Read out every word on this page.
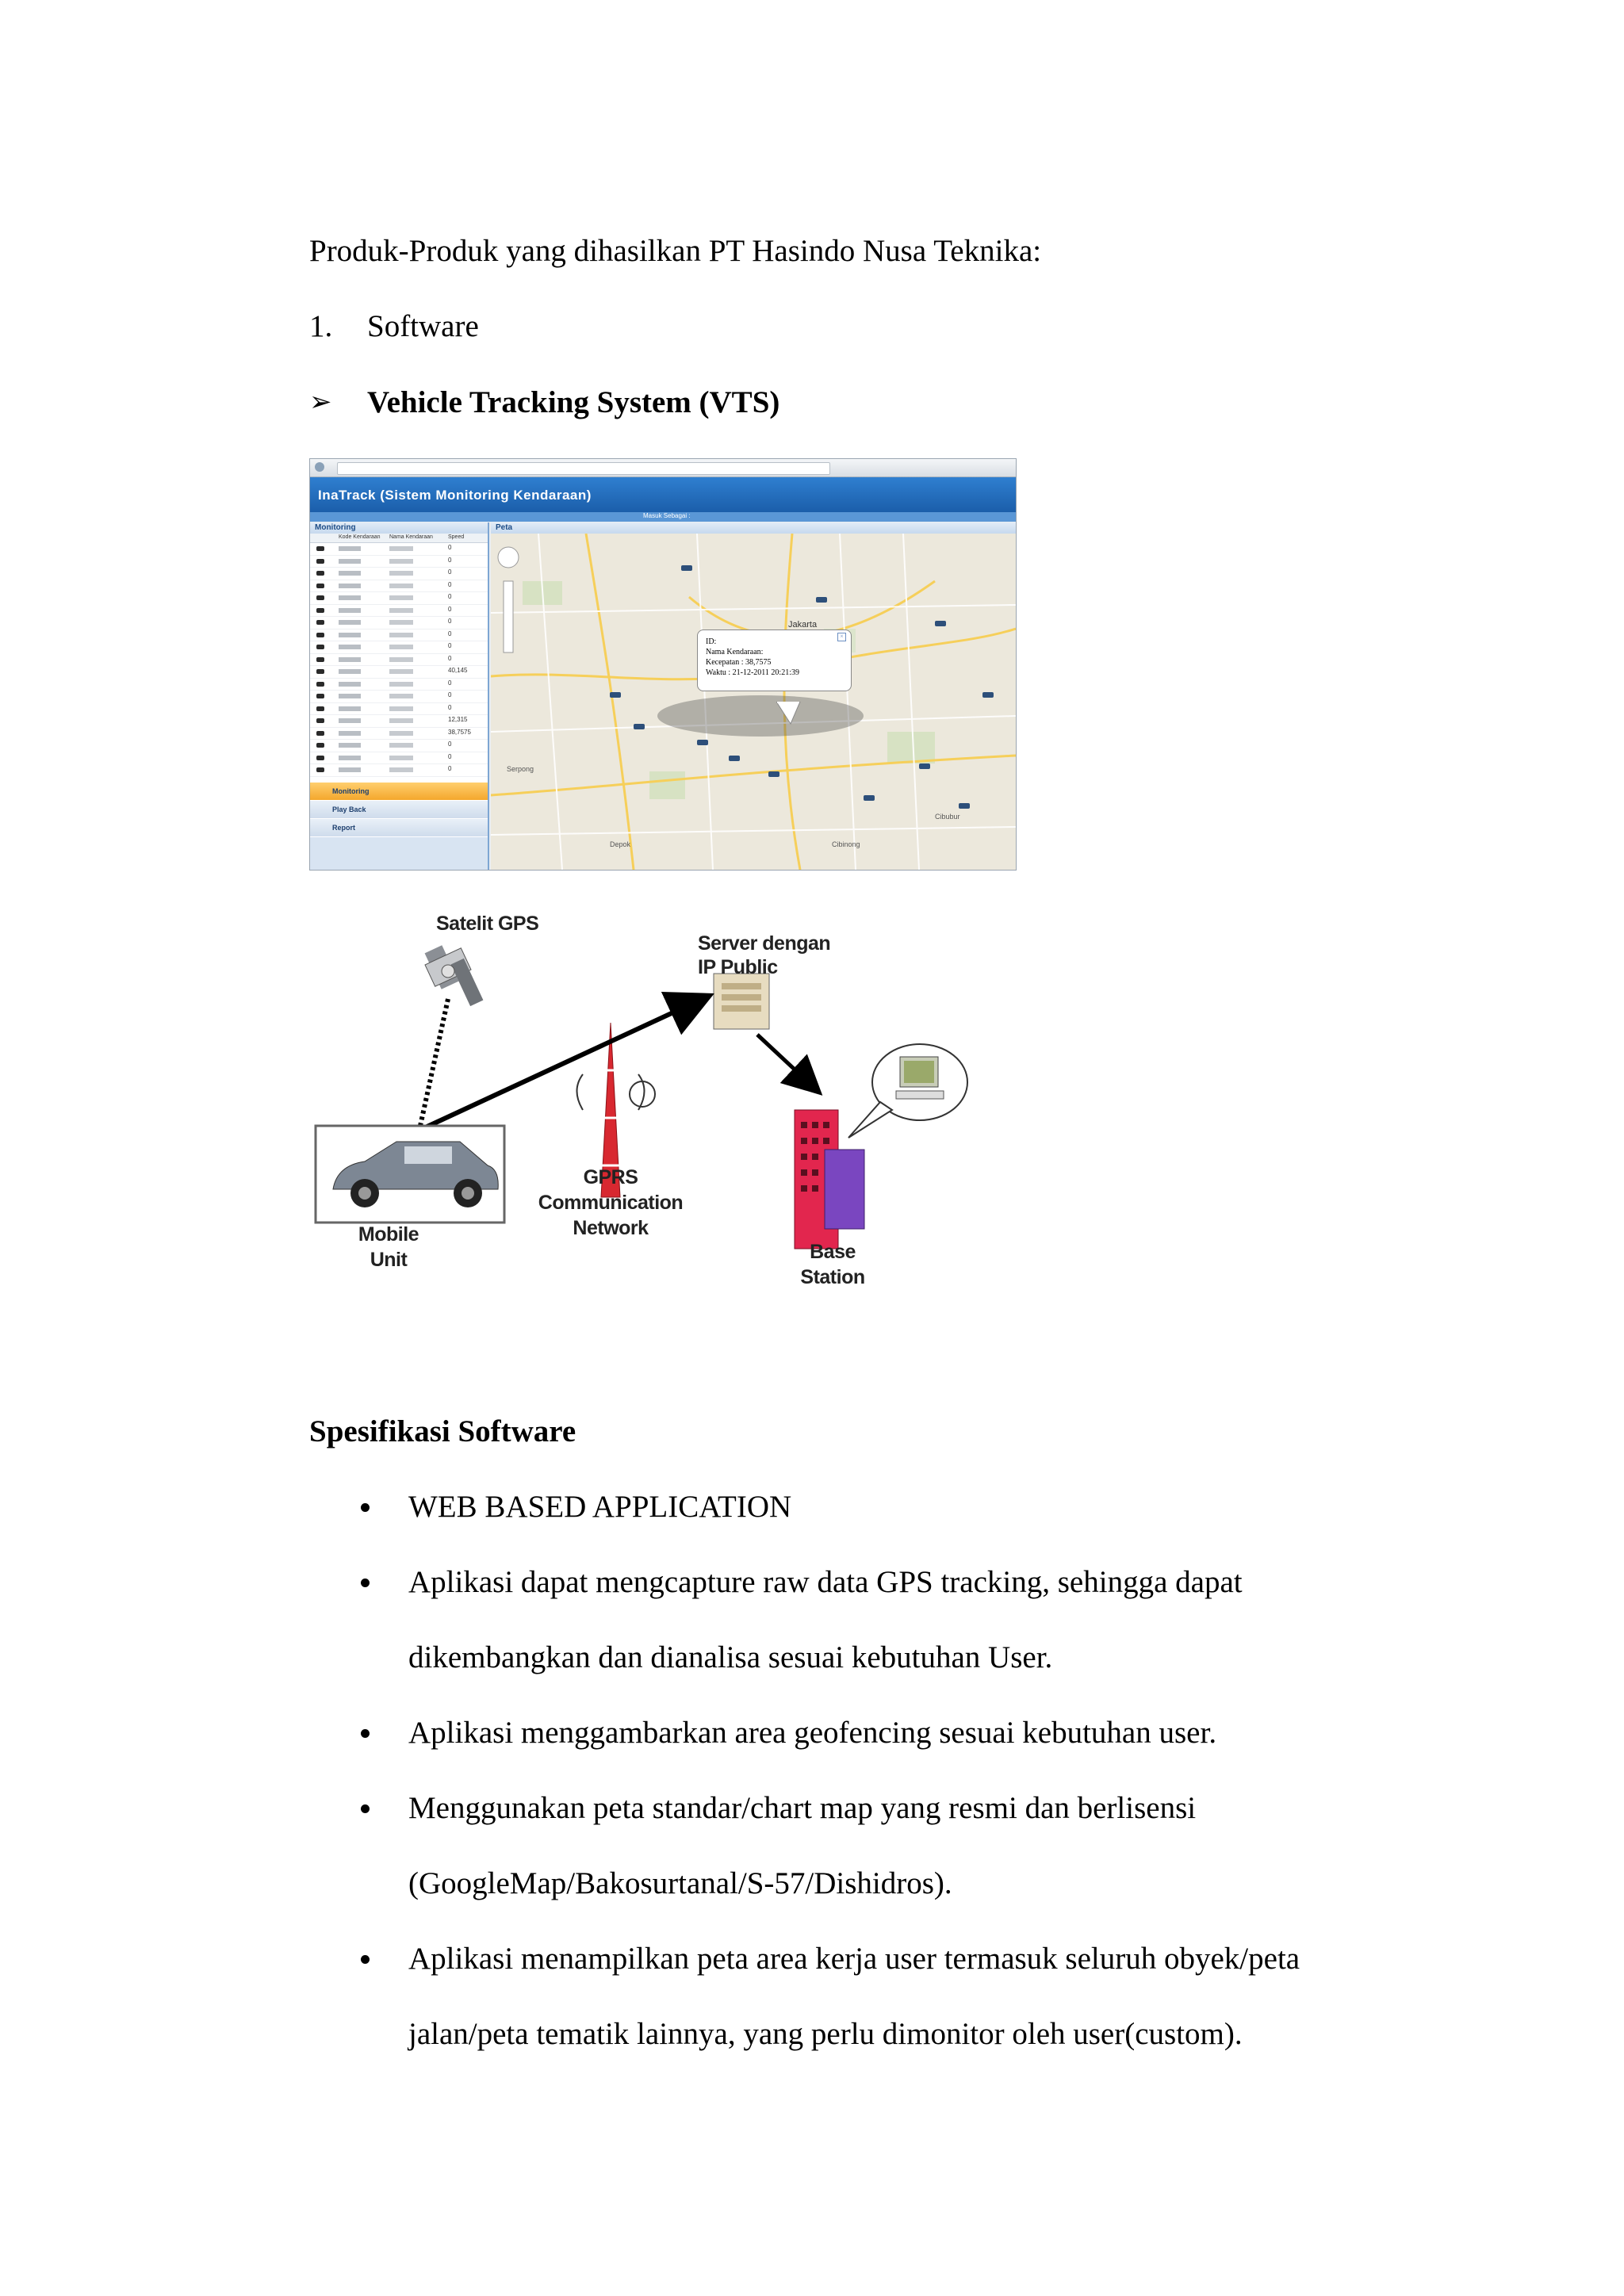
Produk-Produk yang dihasilkan PT Hasindo Nusa Teknika:
1. Software
➢ Vehicle Tracking System (VTS)
InaTrack (Sistem Monitoring Kendaraan)
Masuk Sebagai :
Monitoring
Kode Kendaraan Nama Kendaraan	Speed
0
0
0
0
0
0
0
0
0
0
40,145
0
0
0
12,315
38,7575
0
0
0
Monitoring
Play Back
Report
Peta
Jakarta
Depok	Cibinong
Serpong
Cibubur
ID:
Nama Kendaraan:
Kecepatan : 38,7575
Waktu : 21-12-2011 20:21:39
×
Satelit GPS
Server dengan
IP Public
GPRS
Communication
Network
Mobile
Unit	Base
Station
Spesifikasi Software
WEB BASED APPLICATION
Aplikasi dapat mengcapture raw data GPS tracking, sehingga dapat
dikembangkan dan dianalisa sesuai kebutuhan User.
Aplikasi menggambarkan area geofencing sesuai kebutuhan user.
Menggunakan peta standar/chart map yang resmi dan berlisensi
(GoogleMap/Bakosurtanal/S-57/Dishidros).
Aplikasi menampilkan peta area kerja user termasuk seluruh obyek/peta
jalan/peta tematik lainnya, yang perlu dimonitor oleh user(custom).
